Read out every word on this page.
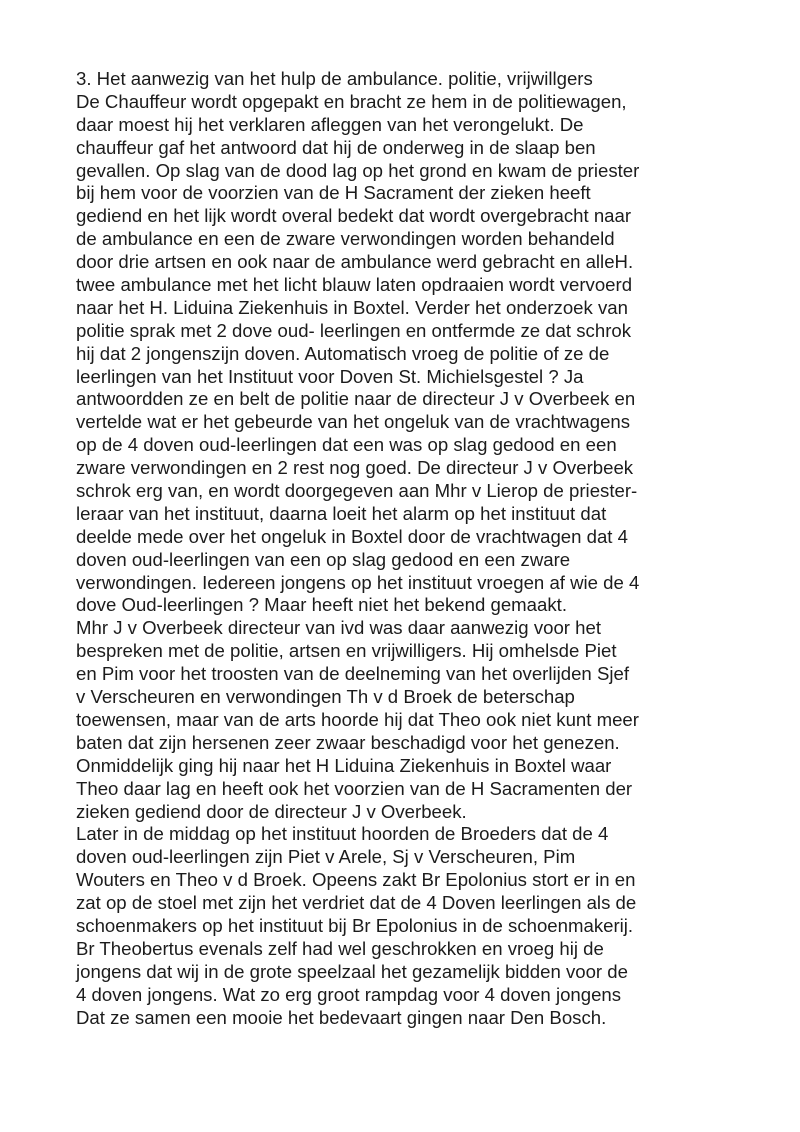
3. Het aanwezig van het hulp de ambulance. politie, vrijwillgers
De Chauffeur wordt opgepakt en bracht ze hem in de politiewagen,
daar moest hij het verklaren afleggen van het verongelukt. De
chauffeur gaf het antwoord dat hij de onderweg in de slaap ben
gevallen. Op slag van de dood lag op het grond en kwam de priester
bij hem voor de voorzien van de H Sacrament der zieken heeft
gediend en het lijk wordt overal bedekt dat wordt overgebracht naar
de ambulance en een de zware verwondingen worden behandeld
door drie artsen en ook naar de ambulance werd gebracht en alleH.
twee ambulance met het licht blauw laten opdraaien wordt vervoerd
naar het H. Liduina Ziekenhuis in Boxtel. Verder het onderzoek van
politie sprak met 2 dove oud- leerlingen en ontfermde ze dat schrok
hij dat 2 jongenszijn doven. Automatisch vroeg de politie of ze de
leerlingen van het Instituut voor Doven St. Michielsgestel ? Ja
antwoordden ze en belt de politie naar de directeur J v Overbeek en
vertelde wat er het gebeurde van het ongeluk van de vrachtwagens
op de 4 doven oud-leerlingen dat een was op slag gedood en een
zware verwondingen en 2 rest nog goed. De directeur J v Overbeek
schrok erg van, en wordt doorgegeven aan Mhr v Lierop de priester-
leraar van het instituut, daarna loeit het alarm op het instituut dat
deelde mede over het ongeluk in Boxtel door de vrachtwagen dat 4
doven oud-leerlingen van een op slag gedood en een zware
verwondingen. Iedereen jongens op het instituut vroegen af wie de 4
dove Oud-leerlingen ? Maar heeft niet het bekend gemaakt.
Mhr J v Overbeek directeur van ivd was daar aanwezig voor het
bespreken met de politie, artsen en vrijwilligers. Hij omhelsde Piet
en Pim voor het troosten van de deelneming van het overlijden Sjef
v Verscheuren en verwondingen Th v d Broek de beterschap
toewensen, maar van de arts hoorde hij dat Theo ook niet kunt meer
baten dat zijn hersenen zeer zwaar beschadigd voor het genezen.
Onmiddelijk ging hij naar het H Liduina Ziekenhuis in Boxtel waar
Theo daar lag en heeft ook het voorzien van de H Sacramenten der
zieken gediend door de directeur J v Overbeek.
Later in de middag op het instituut hoorden de Broeders dat de 4
doven oud-leerlingen zijn Piet v Arele, Sj v Verscheuren, Pim
Wouters en Theo v d Broek. Opeens zakt Br Epolonius stort er in en
zat op de stoel met zijn het verdriet dat de 4 Doven leerlingen als de
schoenmakers op het instituut bij Br Epolonius in de schoenmakerij.
Br Theobertus evenals zelf had wel geschrokken en vroeg hij de
jongens dat wij in de grote speelzaal het gezamelijk bidden voor de
4 doven jongens. Wat zo erg groot rampdag voor 4 doven jongens
Dat ze samen een mooie het bedevaart gingen naar Den Bosch.
